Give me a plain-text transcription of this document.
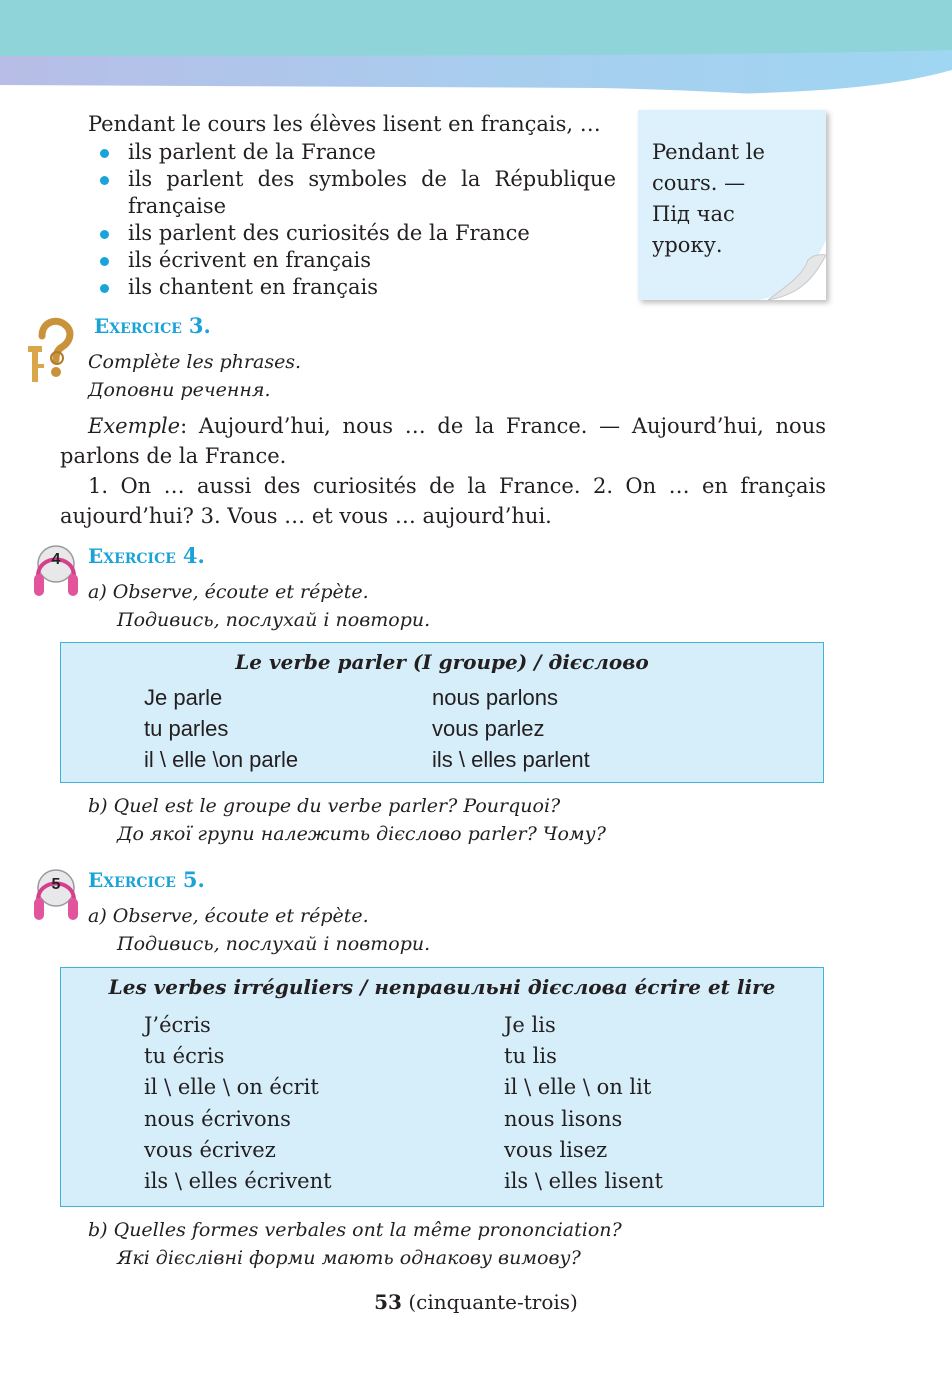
Pendant le cours les élèves lisent en français, …
ils parlent de la France
ils parlent des symboles de la République
française
ils parlent des curiosités de la France
ils écrivent en français
ils chantent en français
Pendant le
cours. —
Під час
уроку.
Exercice 3.
Complète les phrases.
Доповни речення.
Exemple: Aujourd’hui, nous … de la France. — Aujourd’hui, nous parlons de la France.
1. On … aussi des curiosités de la France. 2. On … en français aujourd’hui? 3. Vous … et vous … aujourd’hui.
4 Exercice 4.
a) Observe, écoute et répète.
Подивись, послухай і повтори.
Le verbe parler (I groupe) / дієслово
Je parle
tu parles
il \ elle \on parle
nous parlons
vous parlez
ils \ elles parlent
b) Quel est le groupe du verbe parler? Pourquoi?
До якої групи належить дієслово parler? Чому?
5 Exercice 5.
a) Observe, écoute et répète.
Подивись, послухай і повтори.
Les verbes irréguliers / неправильні дієслова écrire et lire
J’écris
tu écris
il \ elle \ on écrit
nous écrivons
vous écrivez
ils \ elles écrivent
Je lis
tu lis
il \ elle \ on lit
nous lisons
vous lisez
ils \ elles lisent
b) Quelles formes verbales ont la même prononciation?
Які дієслівні форми мають однакову вимову?
53 (cinquante-trois)
